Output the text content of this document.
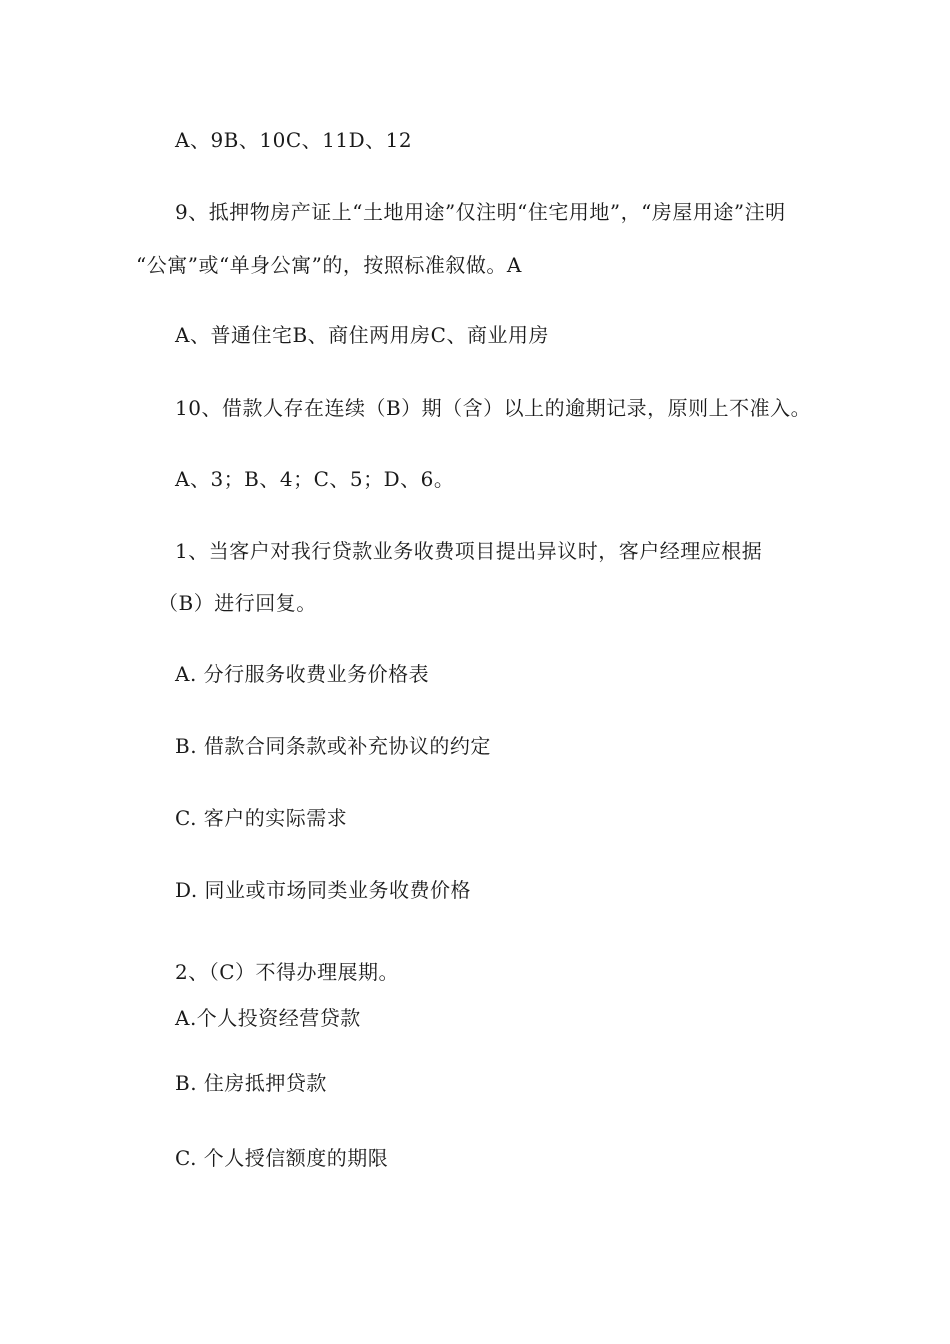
A、9B、10C、11D、12
9、抵押物房产证上“土地用途”仅注明“住宅用地”，“房屋用途”注明
“公寓”或“单身公寓”的，按照标准叙做。A
A、普通住宅B、商住两用房C、商业用房
10、借款人存在连续（B）期（含）以上的逾期记录，原则上不准入。
A、3；B、4；C、5；D、6。
1、当客户对我行贷款业务收费项目提出异议时，客户经理应根据
（B）进行回复。
A. 分行服务收费业务价格表
B. 借款合同条款或补充协议的约定
C. 客户的实际需求
D. 同业或市场同类业务收费价格
2、（C）不得办理展期。
A.个人投资经营贷款
B. 住房抵押贷款
C. 个人授信额度的期限
